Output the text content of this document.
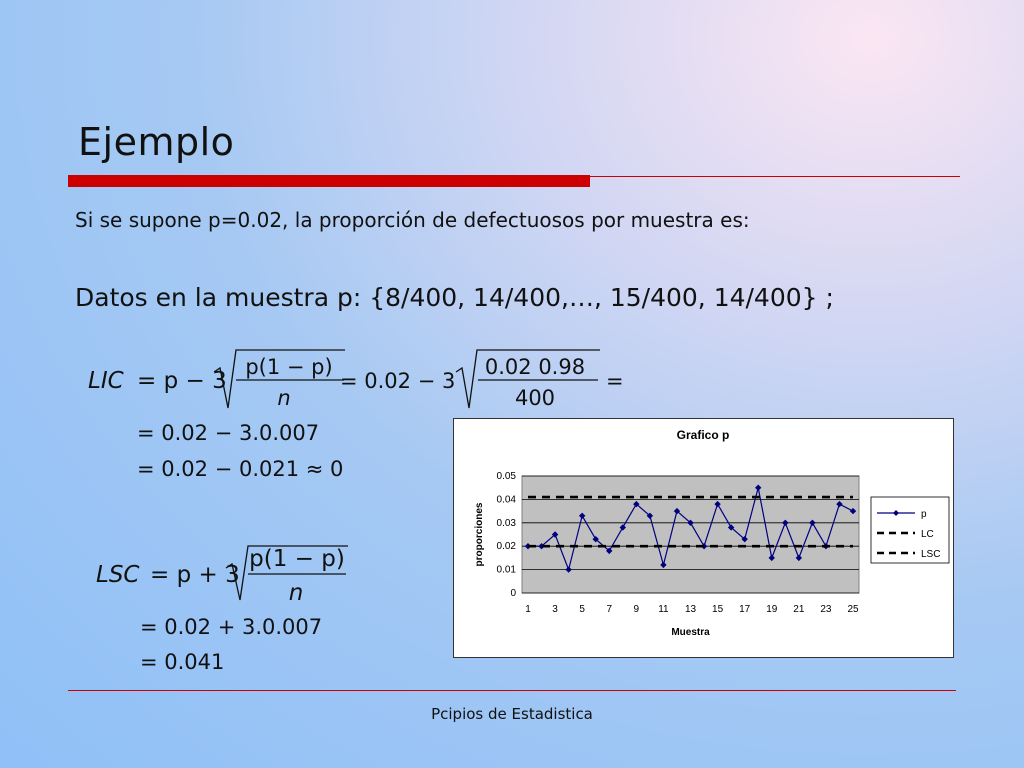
Ejemplo
Si se supone p=0.02, la proporción de defectuosos por muestra es:
Datos en la muestra p: {8/400, 14/400,…, 15/400, 14/400} ;
LIC = p − 3
p(1 − p)
n
= 0.02 − 3
0.02 0.98
400
=
= 0.02 − 3.0.007
= 0.02 − 0.021 ≈ 0
LSC = p + 3
p(1 − p)
n
= 0.02 + 3.0.007
= 0.041
Grafico p
0
0.01
0.02
0.03
0.04
0.05
1 3 5 7 9 11 13 15 17 19 21 23 25
Muestra
proporciones	p
LC
LSC
Pcipios de Estadistica
